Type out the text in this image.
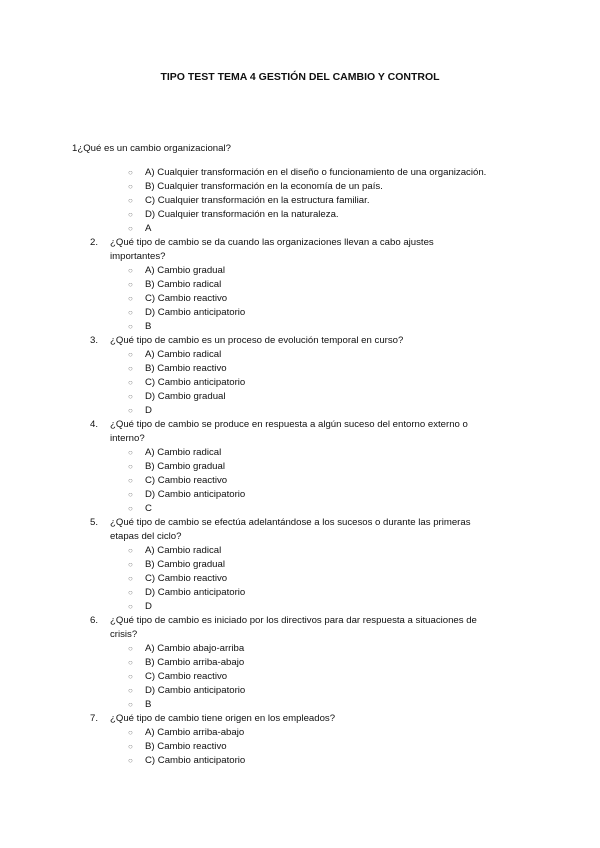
TIPO TEST TEMA 4 GESTIÓN DEL CAMBIO Y CONTROL
1¿Qué es un cambio organizacional?
○ A) Cualquier transformación en el diseño o funcionamiento de una organización.
○ B) Cualquier transformación en la economía de un país.
○ C) Cualquier transformación en la estructura familiar.
○ D) Cualquier transformación en la naturaleza.
○ A
2. ¿Qué tipo de cambio se da cuando las organizaciones llevan a cabo ajustes
importantes?
○ A) Cambio gradual
○ B) Cambio radical
○ C) Cambio reactivo
○ D) Cambio anticipatorio
○ B
3. ¿Qué tipo de cambio es un proceso de evolución temporal en curso?
○ A) Cambio radical
○ B) Cambio reactivo
○ C) Cambio anticipatorio
○ D) Cambio gradual
○ D
4. ¿Qué tipo de cambio se produce en respuesta a algún suceso del entorno externo o
interno?
○ A) Cambio radical
○ B) Cambio gradual
○ C) Cambio reactivo
○ D) Cambio anticipatorio
○ C
5. ¿Qué tipo de cambio se efectúa adelantándose a los sucesos o durante las primeras
etapas del ciclo?
○ A) Cambio radical
○ B) Cambio gradual
○ C) Cambio reactivo
○ D) Cambio anticipatorio
○ D
6. ¿Qué tipo de cambio es iniciado por los directivos para dar respuesta a situaciones de
crisis?
○ A) Cambio abajo-arriba
○ B) Cambio arriba-abajo
○ C) Cambio reactivo
○ D) Cambio anticipatorio
○ B
7. ¿Qué tipo de cambio tiene origen en los empleados?
○ A) Cambio arriba-abajo
○ B) Cambio reactivo
○ C) Cambio anticipatorio
